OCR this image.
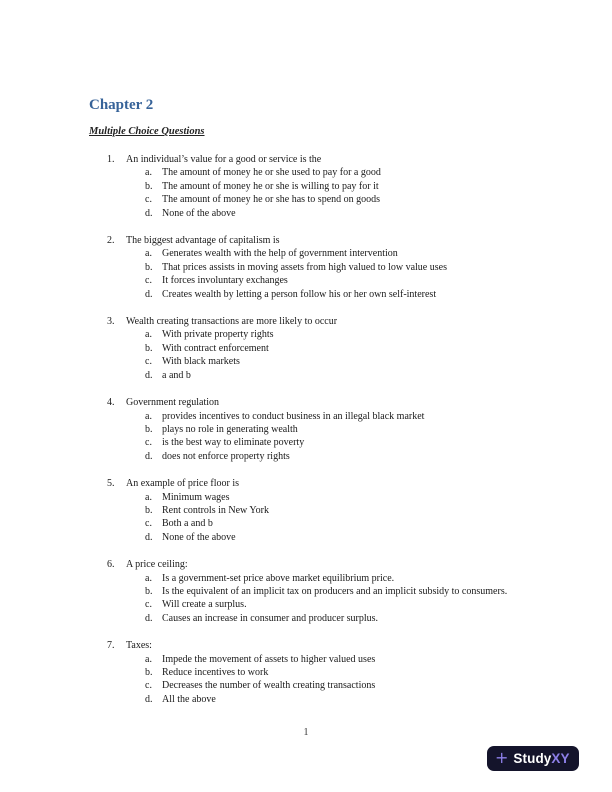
Chapter 2
Multiple Choice Questions
1.	An individual’s value for a good or service is the
a.	The amount of money he or she used to pay for a good
b. The amount of money he or she is willing to pay for it
c.	The amount of money he or she has to spend on goods
d. None of the above
2.	The biggest advantage of capitalism is
a.	Generates wealth with the help of government intervention
b. That prices assists in moving assets from high valued to low value uses
c.	It forces involuntary exchanges
d. Creates wealth by letting a person follow his or her own self-interest
3.	Wealth creating transactions are more likely to occur
a.	With private property rights
b. With contract enforcement
c.	With black markets
d. a and b
4.	Government regulation
a.	provides incentives to conduct business in an illegal black market
b. plays no role in generating wealth
c.	is the best way to eliminate poverty
d. does not enforce property rights
5.	An example of price floor is
a.	Minimum wages
b. Rent controls in New York
c.	Both a and b
d. None of the above
6.	A price ceiling:
a.	Is a government-set price above market equilibrium price.
b. Is the equivalent of an implicit tax on producers and an implicit subsidy to consumers.
c.	Will create a surplus.
d. Causes an increase in consumer and producer surplus.
7.	Taxes:
a.	Impede the movement of assets to higher valued uses
b. Reduce incentives to work
c.	Decreases the number of wealth creating transactions
d. All the above
1
+ StudyXY
